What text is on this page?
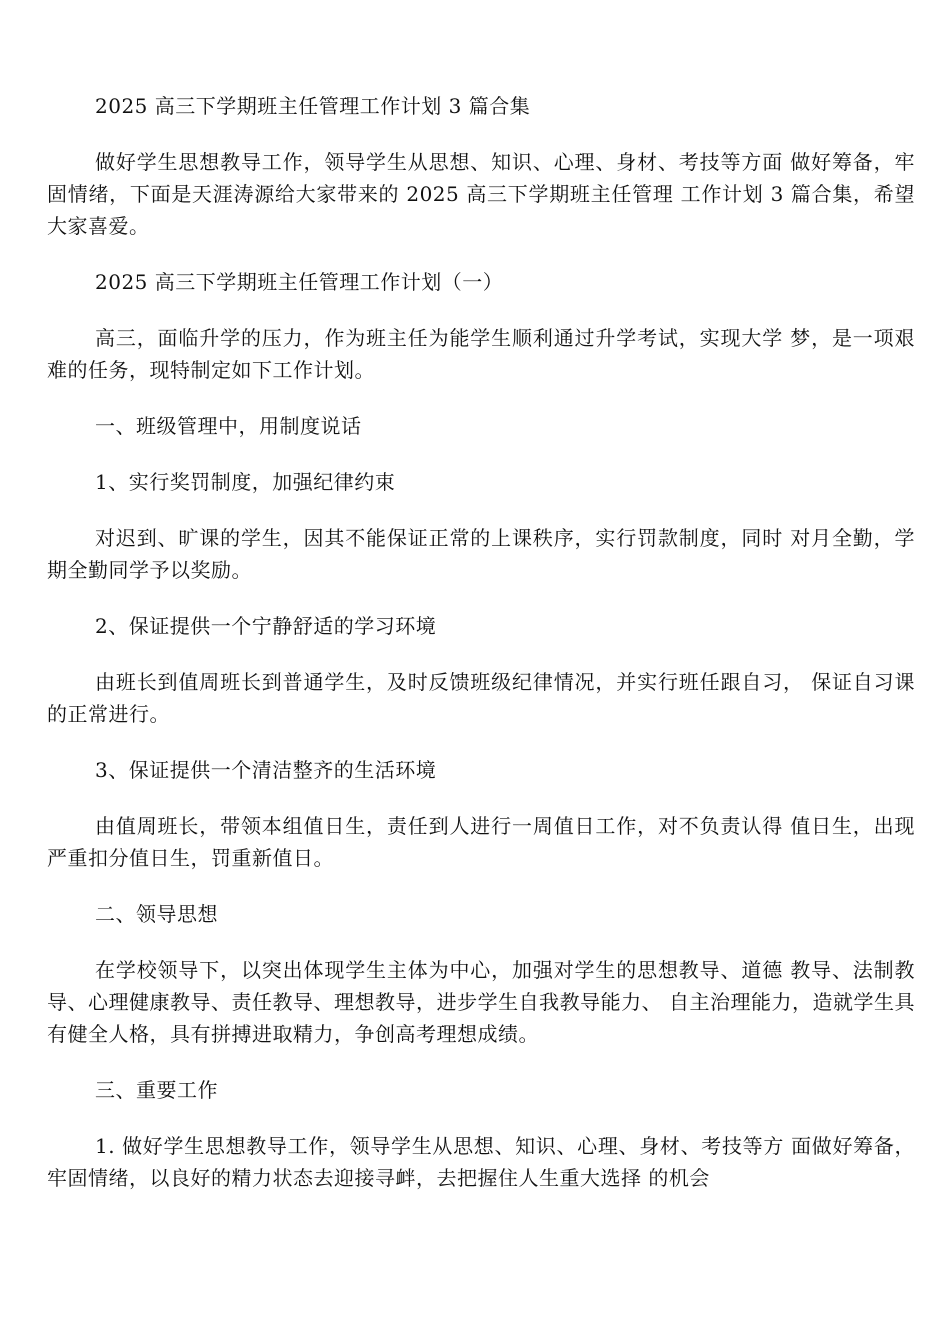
2025 高三下学期班主任管理工作计划 3 篇合集

做好学生思想教导工作，领导学生从思想、知识、心理、身材、考技等方面 做好筹备，牢固情绪，下面是天涯涛源给大家带来的 2025 高三下学期班主任管理 工作计划 3 篇合集，希望大家喜爱。

2025 高三下学期班主任管理工作计划（一）

高三，面临升学的压力，作为班主任为能学生顺利通过升学考试，实现大学 梦，是一项艰难的任务，现特制定如下工作计划。

一、班级管理中，用制度说话

1、实行奖罚制度，加强纪律约束

对迟到、旷课的学生，因其不能保证正常的上课秩序，实行罚款制度，同时 对月全勤，学期全勤同学予以奖励。

2、保证提供一个宁静舒适的学习环境

由班长到值周班长到普通学生，及时反馈班级纪律情况，并实行班任跟自习， 保证自习课的正常进行。

3、保证提供一个清洁整齐的生活环境

由值周班长，带领本组值日生，责任到人进行一周值日工作，对不负责认得 值日生，出现严重扣分值日生，罚重新值日。

二、领导思想

在学校领导下，以突出体现学生主体为中心，加强对学生的思想教导、道德 教导、法制教导、心理健康教导、责任教导、理想教导，进步学生自我教导能力、 自主治理能力，造就学生具有健全人格，具有拼搏进取精力，争创高考理想成绩。

三、重要工作

1. 做好学生思想教导工作，领导学生从思想、知识、心理、身材、考技等方 面做好筹备，牢固情绪，以良好的精力状态去迎接寻衅，去把握住人生重大选择 的机会
